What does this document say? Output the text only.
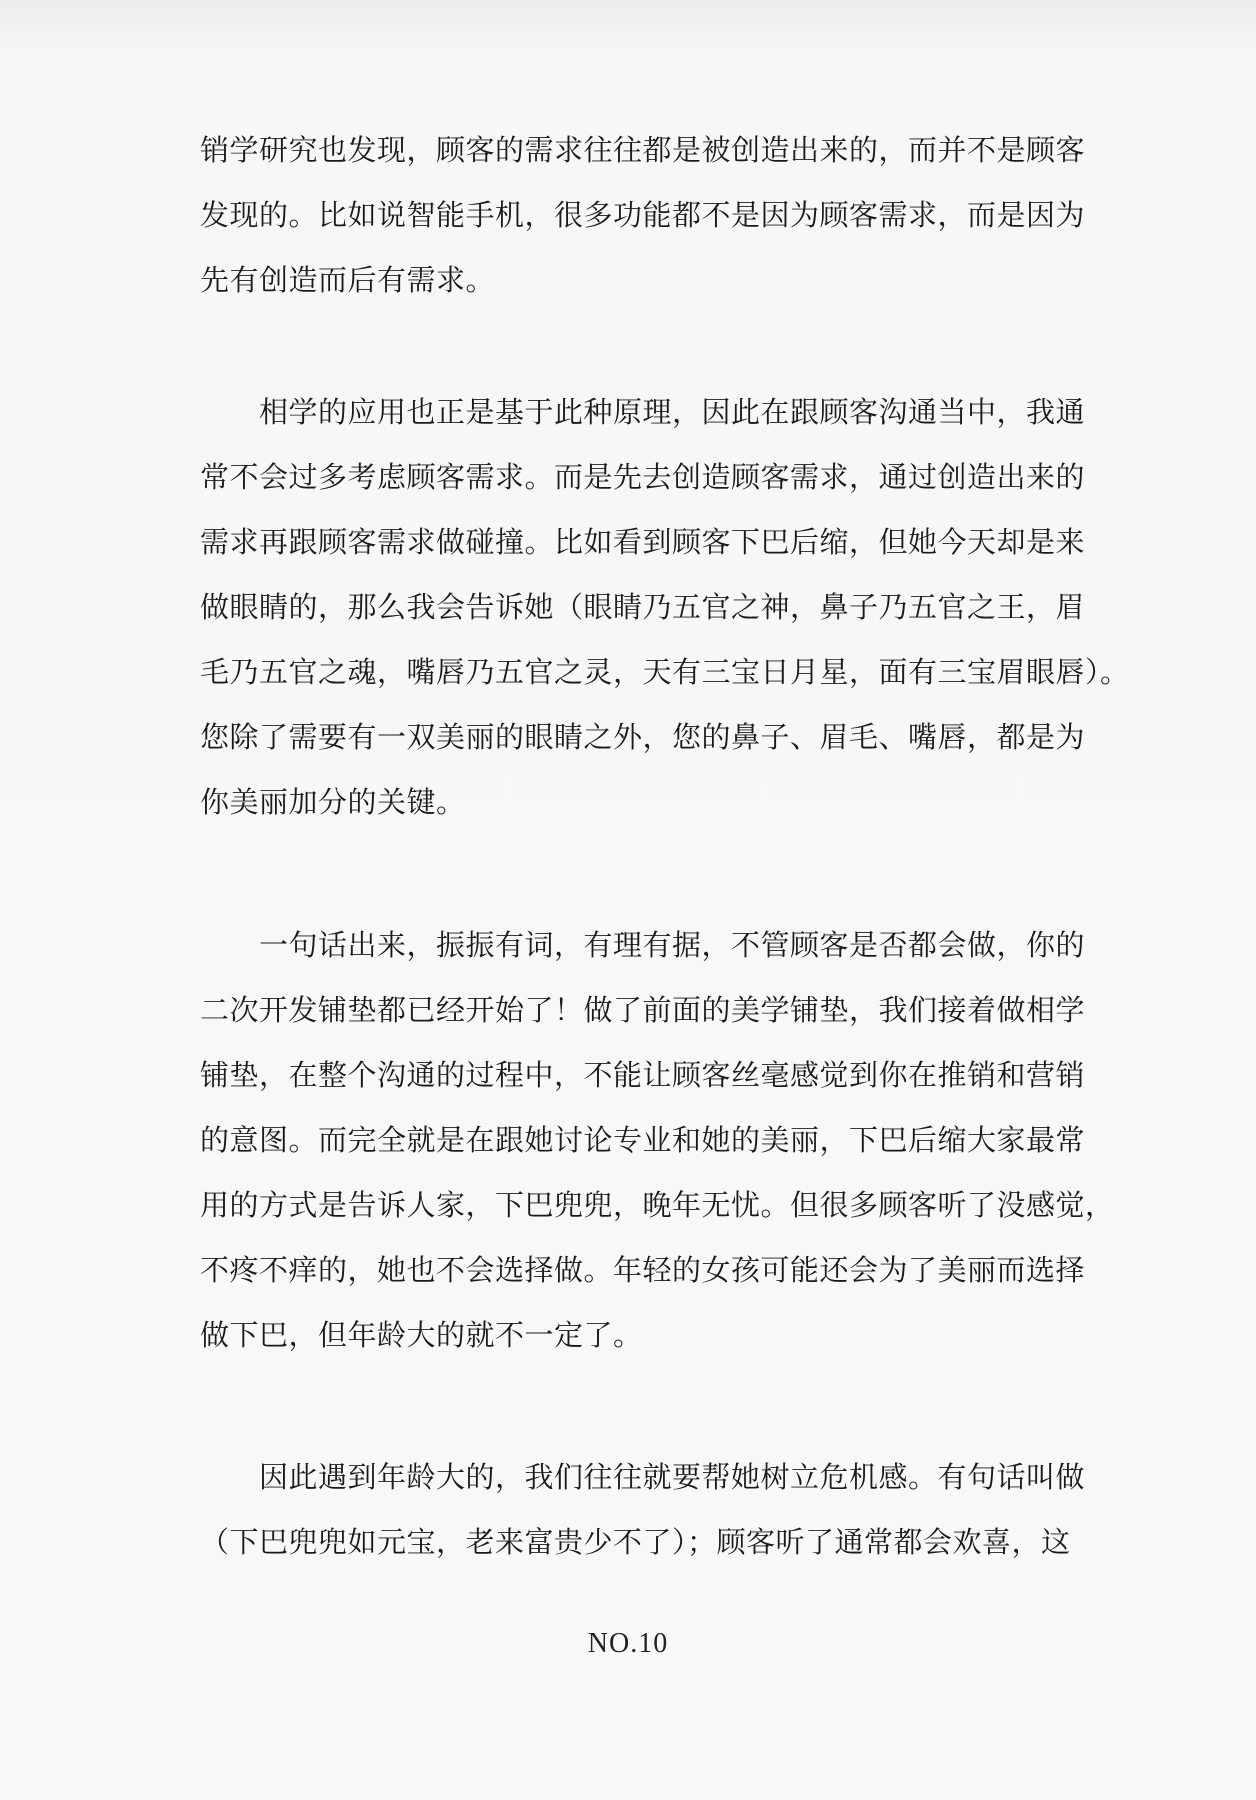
销学研究也发现，顾客的需求往往都是被创造出来的，而并不是顾客
发现的。比如说智能手机，很多功能都不是因为顾客需求，而是因为
先有创造而后有需求。
　　相学的应用也正是基于此种原理，因此在跟顾客沟通当中，我通
常不会过多考虑顾客需求。而是先去创造顾客需求，通过创造出来的
需求再跟顾客需求做碰撞。比如看到顾客下巴后缩，但她今天却是来
做眼睛的，那么我会告诉她（眼睛乃五官之神，鼻子乃五官之王，眉
毛乃五官之魂，嘴唇乃五官之灵，天有三宝日月星，面有三宝眉眼唇）。
您除了需要有一双美丽的眼睛之外，您的鼻子、眉毛、嘴唇，都是为
你美丽加分的关键。
　　一句话出来，振振有词，有理有据，不管顾客是否都会做，你的
二次开发铺垫都已经开始了！做了前面的美学铺垫，我们接着做相学
铺垫，在整个沟通的过程中，不能让顾客丝毫感觉到你在推销和营销
的意图。而完全就是在跟她讨论专业和她的美丽，下巴后缩大家最常
用的方式是告诉人家，下巴兜兜，晚年无忧。但很多顾客听了没感觉，
不疼不痒的，她也不会选择做。年轻的女孩可能还会为了美丽而选择
做下巴，但年龄大的就不一定了。
　　因此遇到年龄大的，我们往往就要帮她树立危机感。有句话叫做
（下巴兜兜如元宝，老来富贵少不了）；顾客听了通常都会欢喜，这
NO.10
